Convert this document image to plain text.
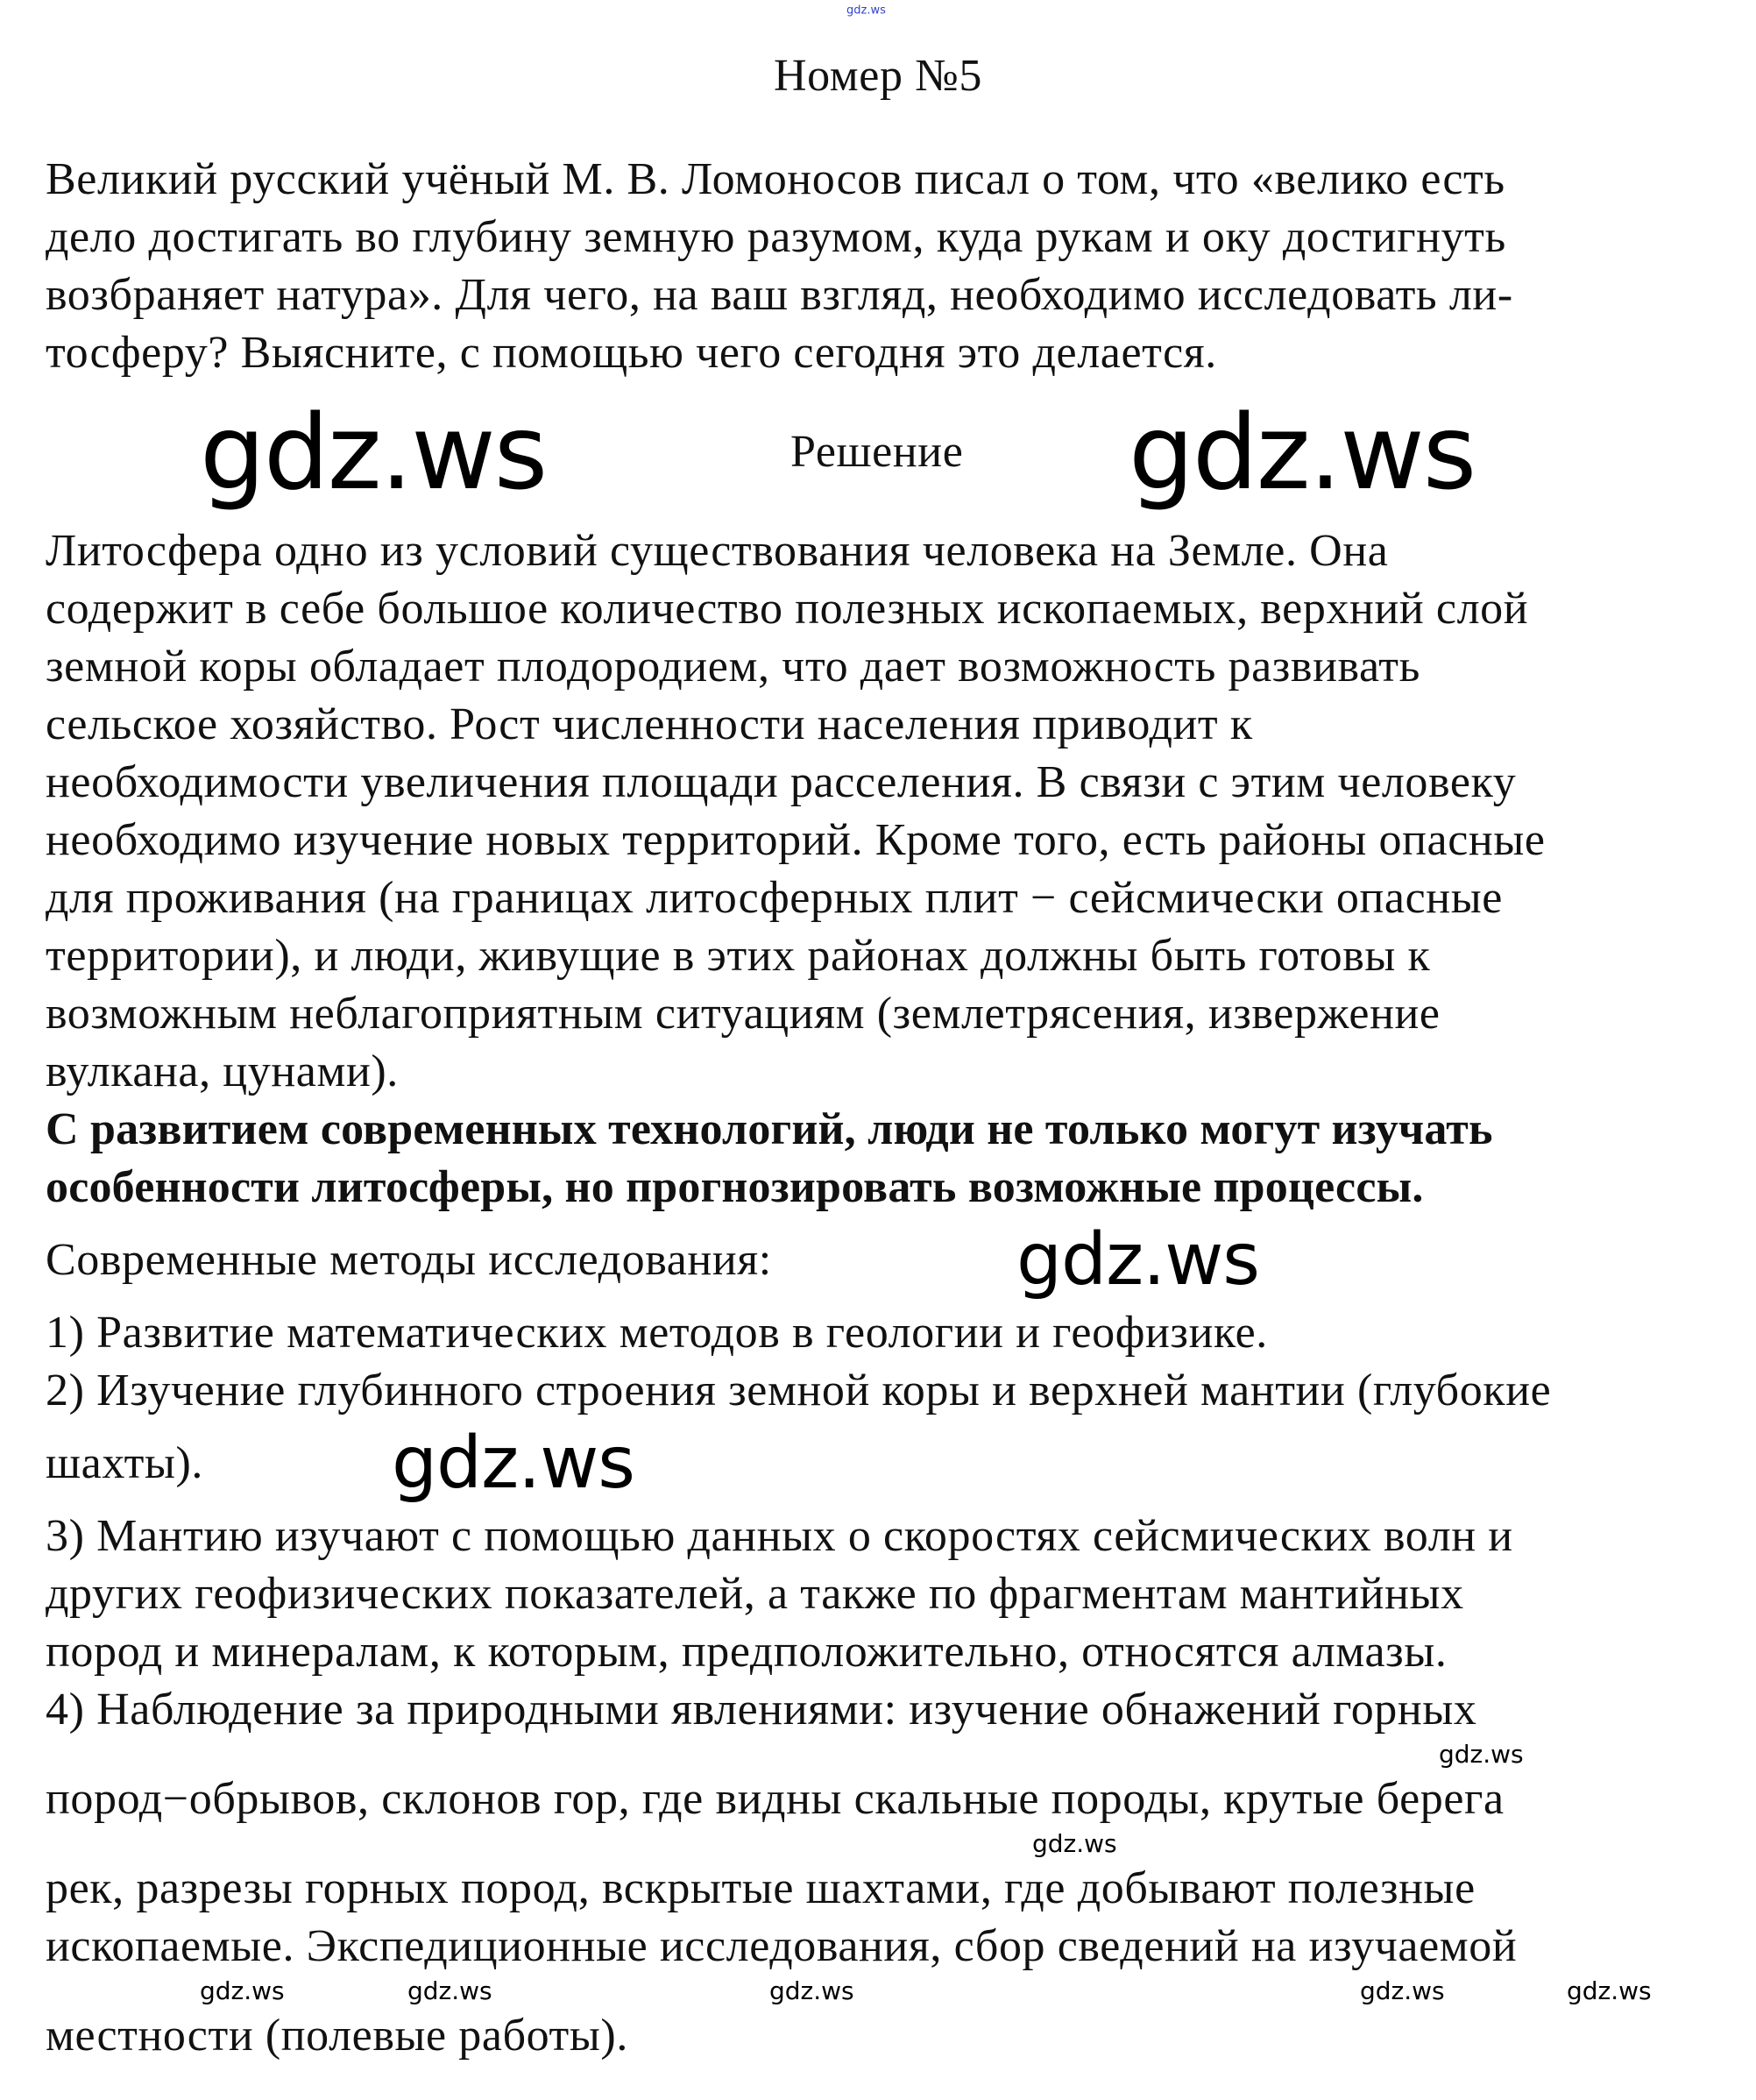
gdz.ws
Номер №5
Великий русский учёный М. В. Ломоносов писал о том, что «велико есть
дело достигать во глубину земную разумом, куда рукам и оку достигнуть
возбраняет натура». Для чего, на ваш взгляд, необходимо исследовать ли-
тосферу? Выясните, с помощью чего сегодня это делается.
gdz.ws	Решение gdz.ws
Литосфера одно из условий существования человека на Земле. Она
содержит в себе большое количество полезных ископаемых, верхний слой
земной коры обладает плодородием, что дает возможность развивать
сельское хозяйство. Рост численности населения приводит к
необходимости увеличения площади расселения. В связи с этим человеку
необходимо изучение новых территорий. Кроме того, есть районы опасные
для проживания (на границах литосферных плит − сейсмически опасные
территории), и люди, живущие в этих районах должны быть готовы к
возможным неблагоприятным ситуациям (землетрясения, извержение
вулкана, цунами).
С развитием современных технологий, люди не только могут изучать
особенности литосферы, но прогнозировать возможные процессы.
Современные методы исследования:	gdz.ws
1) Развитие математических методов в геологии и геофизике.
2) Изучение глубинного строения земной коры и верхней мантии (глубокие
шахты).	gdz.ws
3) Мантию изучают с помощью данных о скоростях сейсмических волн и
других геофизических показателей, а также по фрагментам мантийных
пород и минералам, к которым, предположительно, относятся алмазы.
4) Наблюдение за природными явлениями: изучение обнажений горных
gdz.ws
пород−обрывов, склонов гор, где видны скальные породы, крутые берега
gdz.ws
рек, разрезы горных пород, вскрытые шахтами, где добывают полезные
ископаемые. Экспедиционные исследования, сбор сведений на изучаемой
gdz.ws	gdz.ws	gdz.ws	gdz.ws	gdz.ws
местности (полевые работы).
